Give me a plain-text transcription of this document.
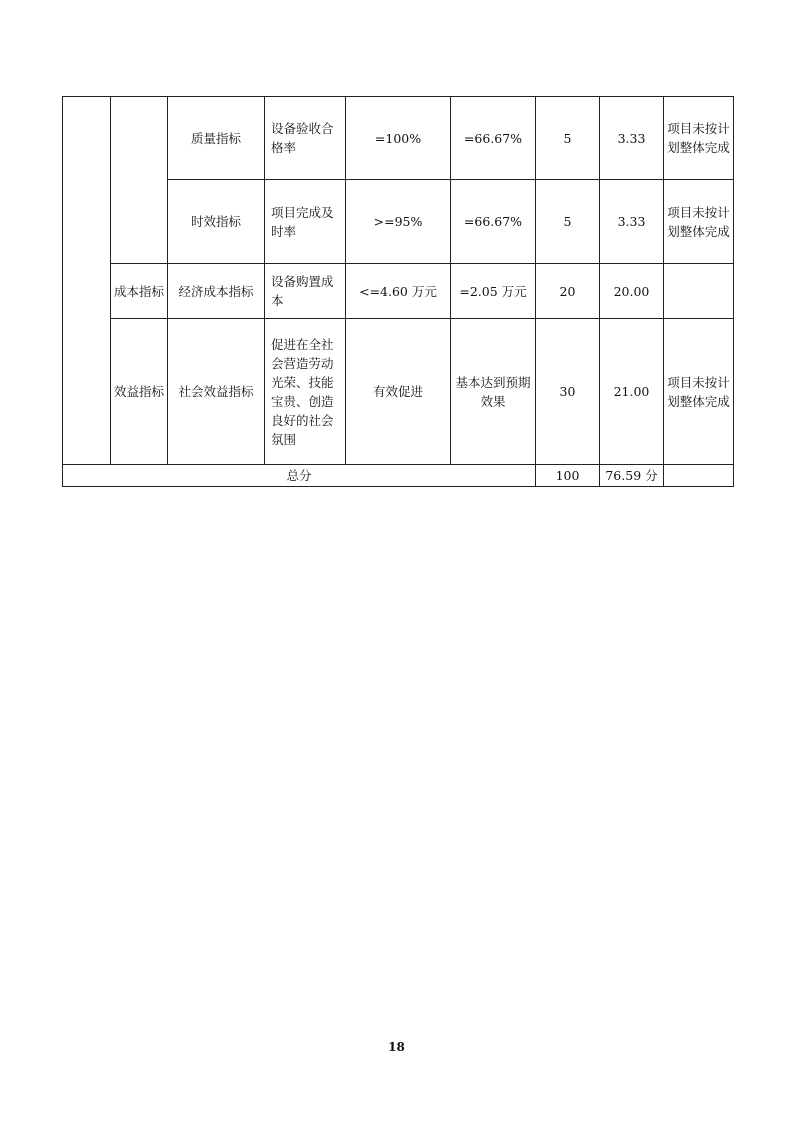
		质量指标	设备验收合格率	=100%	=66.67%	5	3.33	项目未按计划整体完成
		时效指标	项目完成及时率	>=95%	=66.67%	5	3.33	项目未按计划整体完成
	成本指标	经济成本指标	设备购置成本	<=4.60 万元	=2.05 万元	20	20.00	
	效益指标	社会效益指标	促进在全社会营造劳动光荣、技能宝贵、创造良好的社会氛围	有效促进	基本达到预期效果	30	21.00	项目未按计划整体完成
总分						100	76.59 分	
18
